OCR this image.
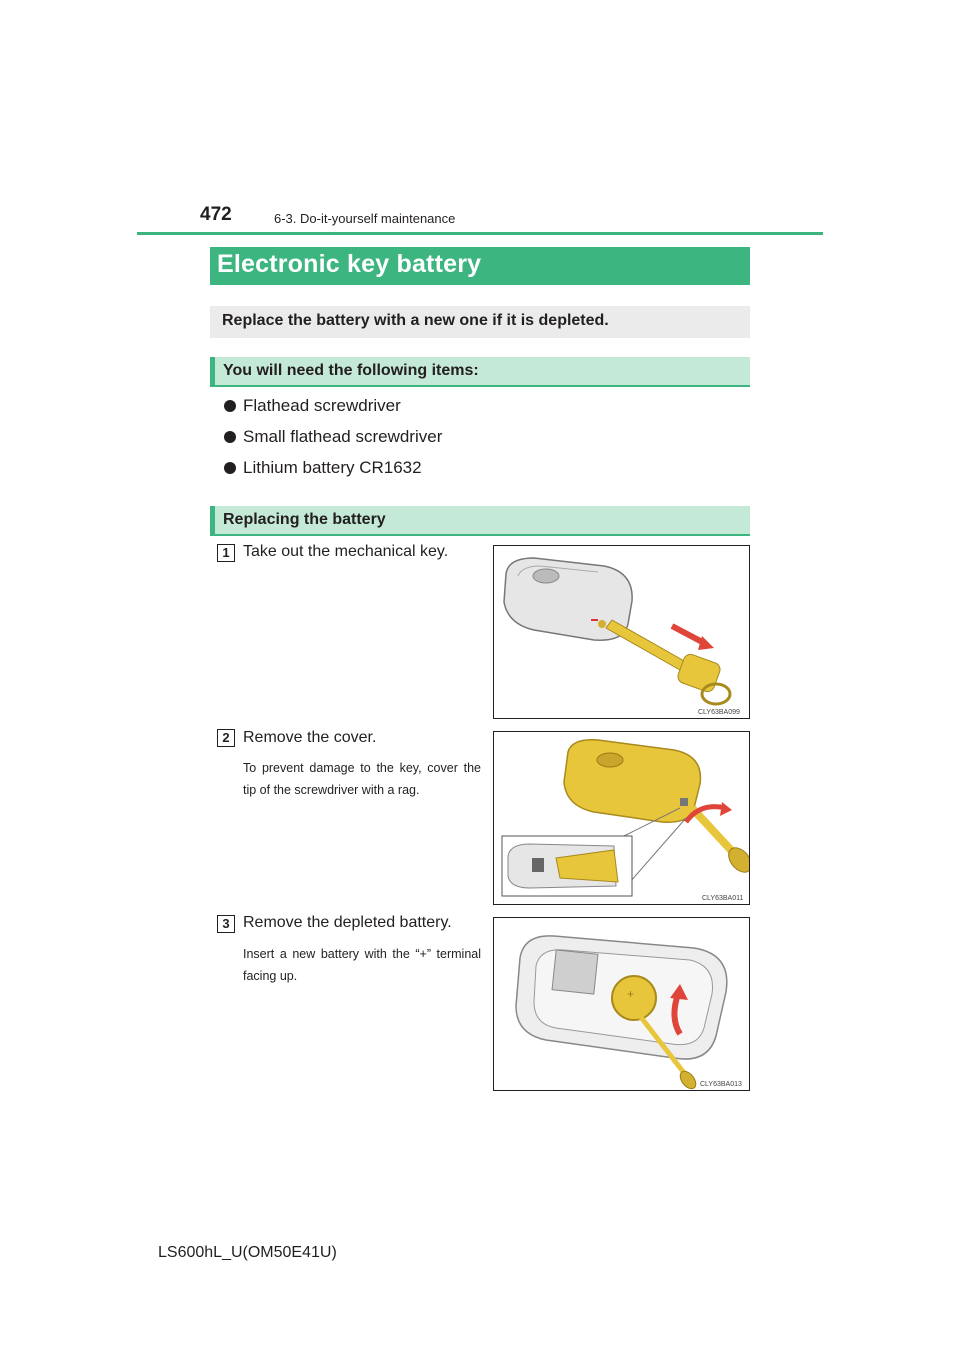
472	6-3. Do-it-yourself maintenance
Electronic key battery
Replace the battery with a new one if it is depleted.
You will need the following items:
Flathead screwdriver
Small flathead screwdriver
Lithium battery CR1632
Replacing the battery
1 Take out the mechanical key.
CLY63BA099
2 Remove the cover.
To prevent damage to the key, cover the tip of the screwdriver with a rag.
CLY63BA011
3 Remove the depleted battery.
Insert a new battery with the “+” terminal facing up.
+
CLY63BA013
LS600hL_U(OM50E41U)
